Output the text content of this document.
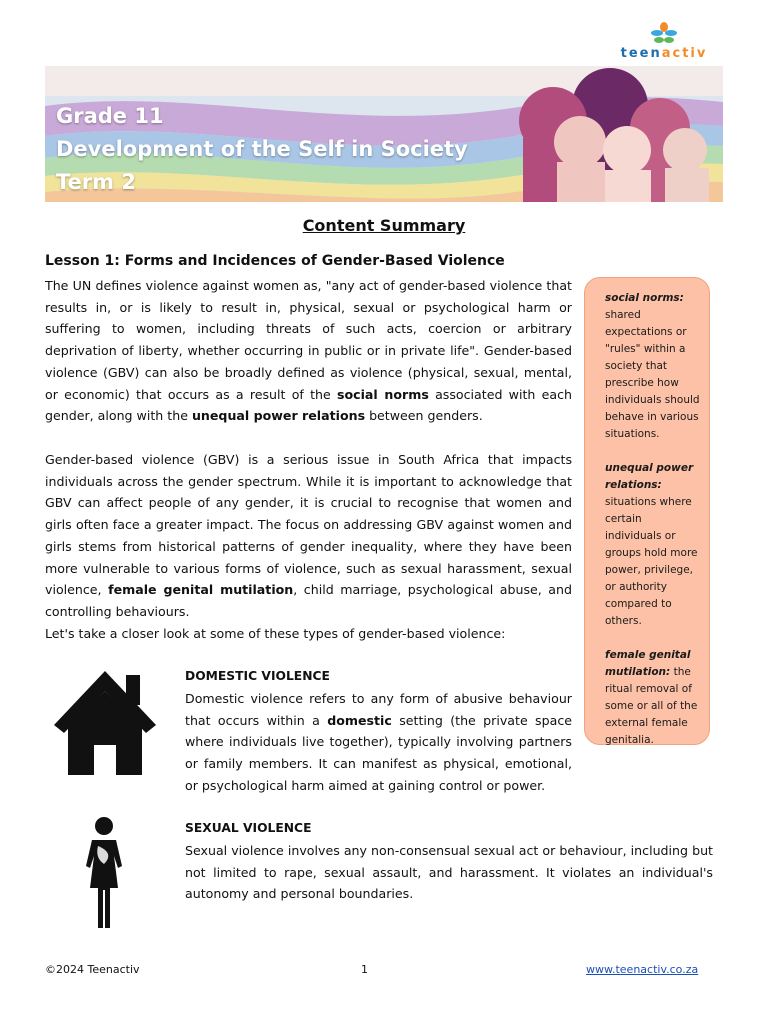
teenactiv
Grade 11
Development of the Self in Society
Term 2
Content Summary
Lesson 1: Forms and Incidences of Gender-Based Violence
The UN defines violence against women as, "any act of gender-based violence that results in, or is likely to result in, physical, sexual or psychological harm or suffering to women, including threats of such acts, coercion or arbitrary deprivation of liberty, whether occurring in public or in private life". Gender-based violence (GBV) can also be broadly defined as violence (physical, sexual, mental, or economic) that occurs as a result of the social norms associated with each gender, along with the unequal power relations between genders.
Gender-based violence (GBV) is a serious issue in South Africa that impacts individuals across the gender spectrum. While it is important to acknowledge that GBV can affect people of any gender, it is crucial to recognise that women and girls often face a greater impact. The focus on addressing GBV against women and girls stems from historical patterns of gender inequality, where they have been more vulnerable to various forms of violence, such as sexual harassment, sexual violence, female genital mutilation, child marriage, psychological abuse, and controlling behaviours.
Let's take a closer look at some of these types of gender-based violence:
social norms:
shared expectations or "rules" within a society that prescribe how individuals should behave in various situations.
unequal power relations:
situations where certain individuals or groups hold more power, privilege, or authority compared to others.
female genital mutilation: the ritual removal of some or all of the external female genitalia.
DOMESTIC VIOLENCE
Domestic violence refers to any form of abusive behaviour that occurs within a domestic setting (the private space where individuals live together), typically involving partners or family members. It can manifest as physical, emotional, or psychological harm aimed at gaining control or power.
SEXUAL VIOLENCE
Sexual violence involves any non-consensual sexual act or behaviour, including but not limited to rape, sexual assault, and harassment. It violates an individual's autonomy and personal boundaries.
©2024 Teenactiv	1	www.teenactiv.co.za
